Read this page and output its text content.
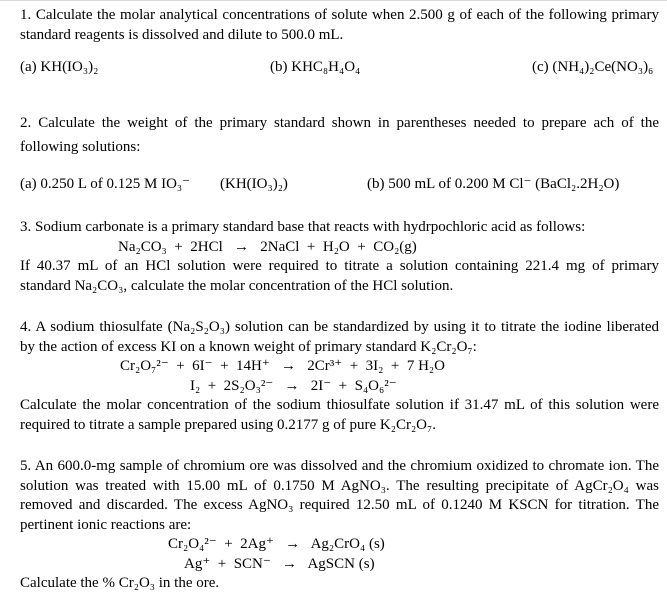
1. Calculate the molar analytical concentrations of solute when 2.500 g of each of the following primary
standard reagents is dissolved and dilute to 500.0 mL.
(a) KH(IO₃)₂	(b) KHC₈H₄O₄	(c) (NH₄)₂Ce(NO₃)₆
2. Calculate the weight of the primary standard shown in parentheses needed to prepare ach of the
following solutions:
(a) 0.250 L of 0.125 M IO₃⁻	(KH(IO₃)₂)	(b) 500 mL of 0.200 M Cl⁻ (BaCl₂.2H₂O)
3. Sodium carbonate is a primary standard base that reacts with hydrpochloric acid as follows:
Na₂CO₃  +  2HCl   →   2NaCl  +  H₂O  +  CO₂(g)
If 40.37 mL of an HCl solution were required to titrate a solution containing 221.4 mg of primary
standard Na₂CO₃, calculate the molar concentration of the HCl solution.
4. A sodium thiosulfate (Na₂S₂O₃) solution can be standardized by using it to titrate the iodine liberated
by the action of excess KI on a known weight of primary standard K₂Cr₂O₇:
Cr₂O₇²⁻  +  6I⁻  +  14H⁺   →   2Cr³⁺  +  3I₂  +  7 H₂O
I₂  +  2S₂O₃²⁻   →   2I⁻  +  S₄O₆²⁻
Calculate the molar concentration of the sodium thiosulfate solution if 31.47 mL of this solution were
required to titrate a sample prepared using 0.2177 g of pure K₂Cr₂O₇.
5. An 600.0-mg sample of chromium ore was dissolved and the chromium oxidized to chromate ion. The
solution was treated with 15.00 mL of 0.1750 M AgNO₃. The resulting precipitate of AgCr₂O₄ was
removed and discarded. The excess AgNO₃ required 12.50 mL of 0.1240 M KSCN for titration. The
pertinent ionic reactions are:
Cr₂O₄²⁻  +  2Ag⁺   →   Ag₂CrO₄ (s)
Ag⁺  +  SCN⁻   →   AgSCN (s)
Calculate the % Cr₂O₃ in the ore.
